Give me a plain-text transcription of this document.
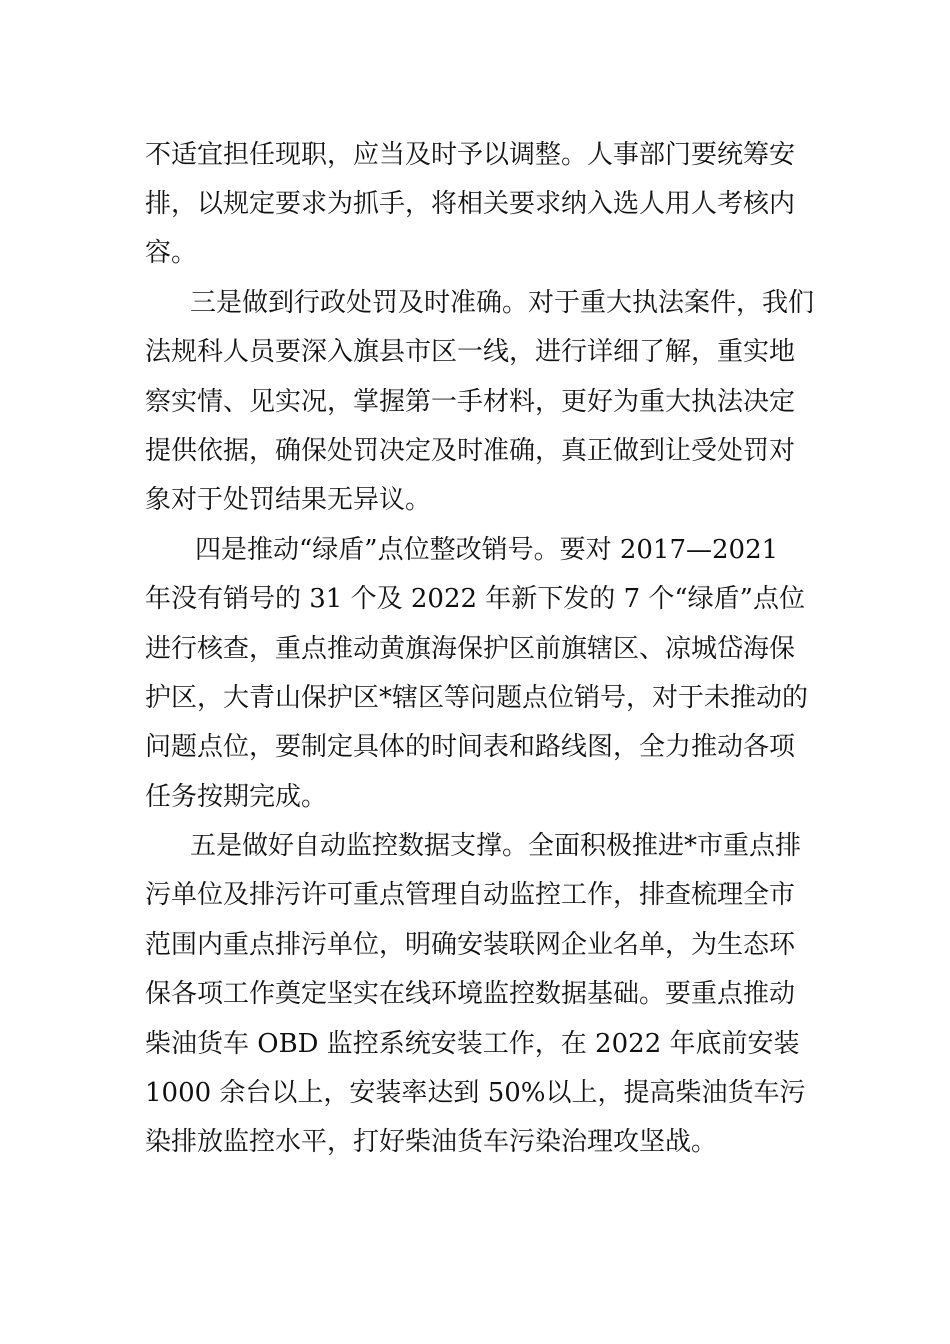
不适宜担任现职，应当及时予以调整。人事部门要统筹安
排，以规定要求为抓手，将相关要求纳入选人用人考核内
容。
三是做到行政处罚及时准确。对于重大执法案件，我们
法规科人员要深入旗县市区一线，进行详细了解，重实地
察实情、见实况，掌握第一手材料，更好为重大执法决定
提供依据，确保处罚决定及时准确，真正做到让受处罚对
象对于处罚结果无异议。
四是推动“绿盾”点位整改销号。要对 2017—2021
年没有销号的 31 个及 2022 年新下发的 7 个“绿盾”点位
进行核查，重点推动黄旗海保护区前旗辖区、凉城岱海保
护区，大青山保护区*辖区等问题点位销号，对于未推动的
问题点位，要制定具体的时间表和路线图，全力推动各项
任务按期完成。
五是做好自动监控数据支撑。全面积极推进*市重点排
污单位及排污许可重点管理自动监控工作，排查梳理全市
范围内重点排污单位，明确安装联网企业名单，为生态环
保各项工作奠定坚实在线环境监控数据基础。要重点推动
柴油货车 OBD 监控系统安装工作，在 2022 年底前安装
1000 余台以上，安装率达到 50%以上，提高柴油货车污
染排放监控水平，打好柴油货车污染治理攻坚战。
